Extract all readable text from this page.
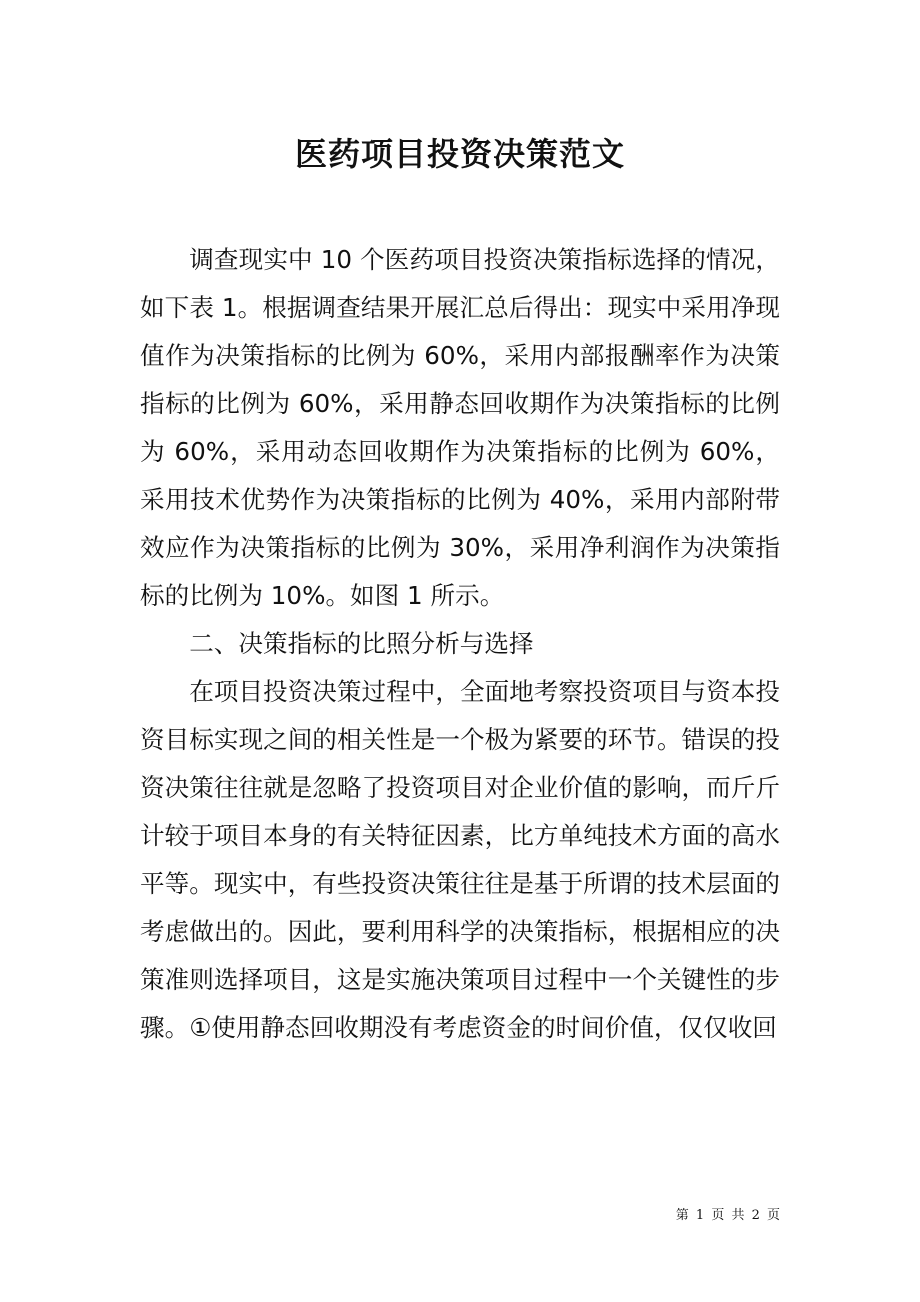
医药项目投资决策范文

调查现实中 10 个医药项目投资决策指标选择的情况，如下表 1。根据调查结果开展汇总后得出：现实中采用净现值作为决策指标的比例为 60%，采用内部报酬率作为决策指标的比例为 60%，采用静态回收期作为决策指标的比例为 60%，采用动态回收期作为决策指标的比例为 60%，采用技术优势作为决策指标的比例为 40%，采用内部附带效应作为决策指标的比例为 30%，采用净利润作为决策指标的比例为 10%。如图 1 所示。

二、决策指标的比照分析与选择

在项目投资决策过程中，全面地考察投资项目与资本投资目标实现之间的相关性是一个极为紧要的环节。错误的投资决策往往就是忽略了投资项目对企业价值的影响，而斤斤计较于项目本身的有关特征因素，比方单纯技术方面的高水平等。现实中，有些投资决策往往是基于所谓的技术层面的考虑做出的。因此，要利用科学的决策指标，根据相应的决策准则选择项目，这是实施决策项目过程中一个关键性的步骤。①使用静态回收期没有考虑资金的时间价值，仅仅收回

第 1 页 共 2 页
